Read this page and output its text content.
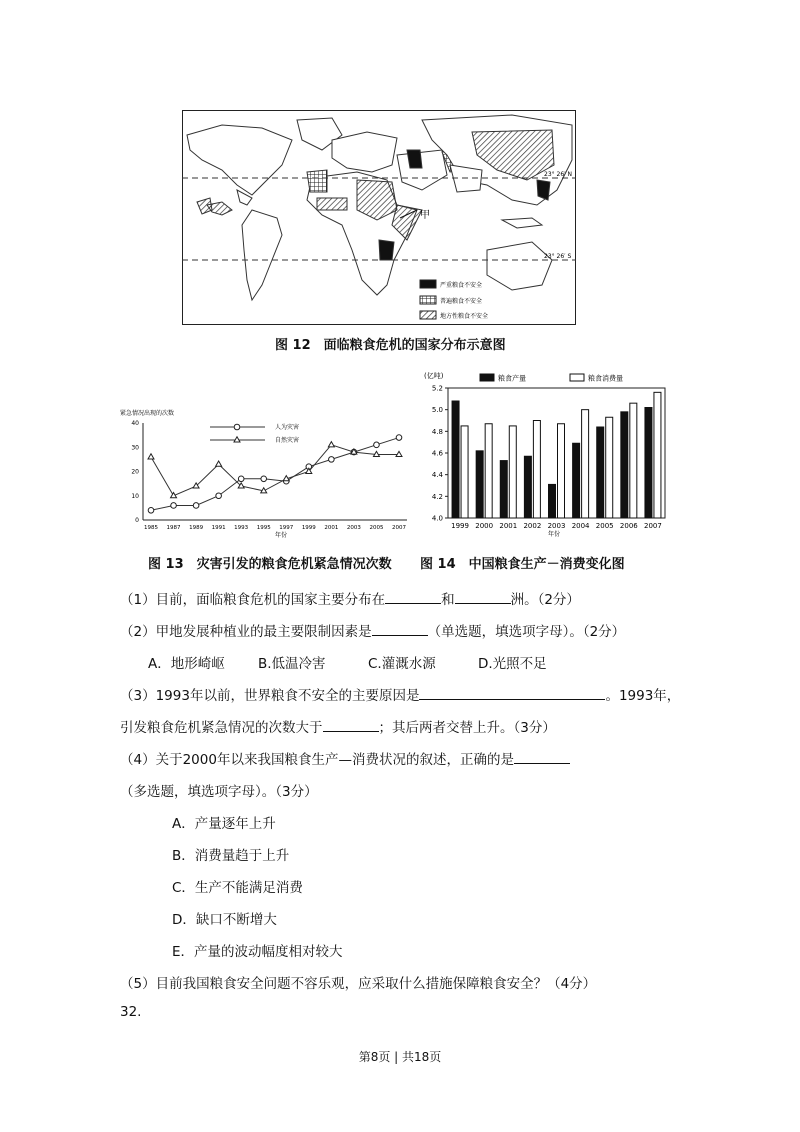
23° 26′ N
23° 26′ S
甲
严重粮食不安全
普遍粮食不安全
地方性粮食不安全
图 12　面临粮食危机的国家分布示意图
紧急情况出现的次数
年份
0
10
20
30
40
1985 1987 1989 1991 1993 1995 1997 1999 2001 2003 2005 2007
人为灾害
自然灾害
(亿吨)
年份
4.0
4.2
4.4
4.6
4.8
5.0
5.2
1999 2000 2001 2002 2003 2004 2005 2006 2007
粮食产量	粮食消费量
图 13　灾害引发的粮食危机紧急情况次数 图 14　中国粮食生产－消费变化图
（1）目前，面临粮食危机的国家主要分布在	和	洲。（2分）
（2）甲地发展种植业的最主要限制因素是	（单选题，填选项字母）。（2分）
A．地形崎岖 B.低温冷害	C.灌溉水源	D.光照不足
（3）1993年以前，世界粮食不安全的主要原因是	。1993年，
引发粮食危机紧急情况的次数大于	；其后两者交替上升。（3分）
（4）关于2000年以来我国粮食生产—消费状况的叙述，正确的是
（多选题，填选项字母）。（3分）
A．产量逐年上升
B．消费量趋于上升
C．生产不能满足消费
D．缺口不断增大
E．产量的波动幅度相对较大
（5）目前我国粮食安全问题不容乐观，应采取什么措施保障粮食安全？（4分）
32.
第8页 | 共18页
